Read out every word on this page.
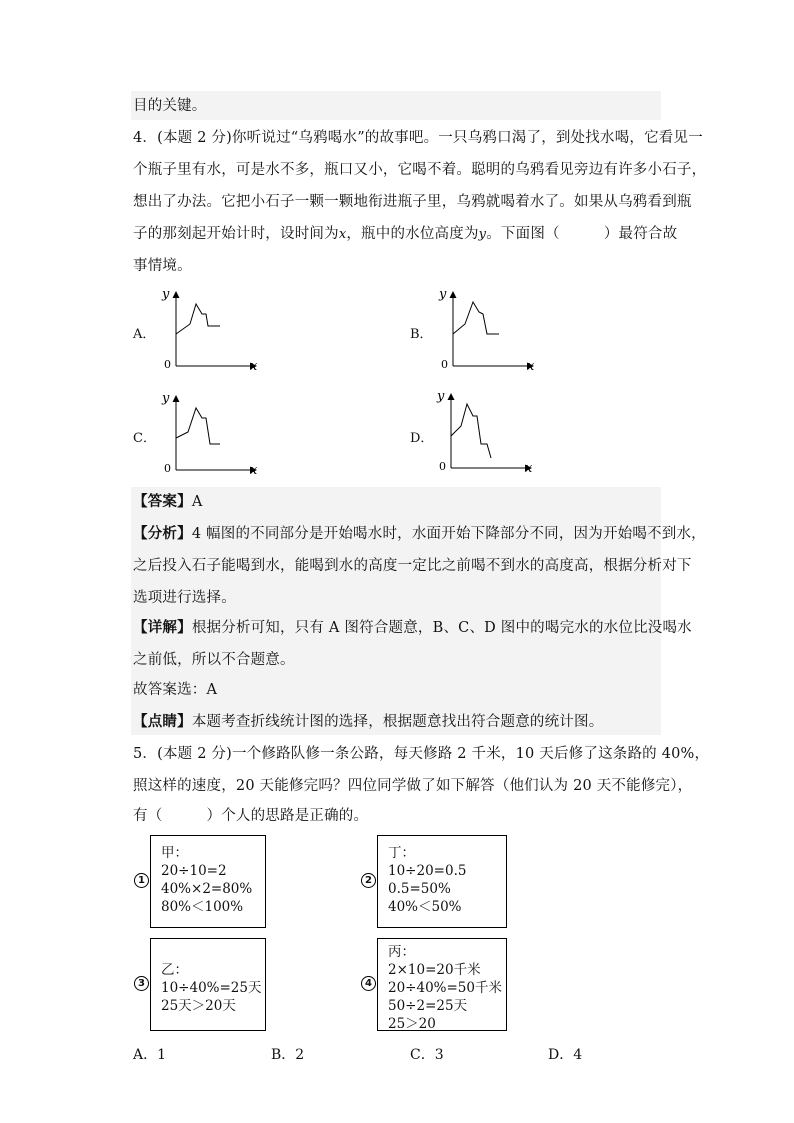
目的关键。
4．(本题 2 分)你听说过“乌鸦喝水”的故事吧。一只乌鸦口渴了，到处找水喝，它看见一
个瓶子里有水，可是水不多，瓶口又小，它喝不着。聪明的乌鸦看见旁边有许多小石子，
想出了办法。它把小石子一颗一颗地衔进瓶子里，乌鸦就喝着水了。如果从乌鸦看到瓶
子的那刻起开始计时，设时间为x，瓶中的水位高度为y。下面图（　　　）最符合故
事情境。
A．
y
x
0
B．
y
x
0
C．
y
x
0
D．
y
x
0
【答案】A
【分析】4 幅图的不同部分是开始喝水时，水面开始下降部分不同，因为开始喝不到水，
之后投入石子能喝到水，能喝到水的高度一定比之前喝不到水的高度高，根据分析对下
选项进行选择。
【详解】根据分析可知，只有 A 图符合题意，B、C、D 图中的喝完水的水位比没喝水
之前低，所以不合题意。
故答案选：A
【点睛】本题考查折线统计图的选择，根据题意找出符合题意的统计图。
5．(本题 2 分)一个修路队修一条公路，每天修路 2 千米，10 天后修了这条路的 40%，
照这样的速度，20 天能修完吗？四位同学做了如下解答（他们认为 20 天不能修完），
有（　　　）个人的思路是正确的。
1
甲：
20÷10=2
40%×2=80%
80%＜100%
2
丁：
10÷20=0.5
0.5=50%
40%＜50%
3
乙：
10÷40%=25天
25天＞20天
4
丙：
2×10=20千米
20÷40%=50千米
50÷2=25天
25＞20
A．1	B．2	C．3	D．4
